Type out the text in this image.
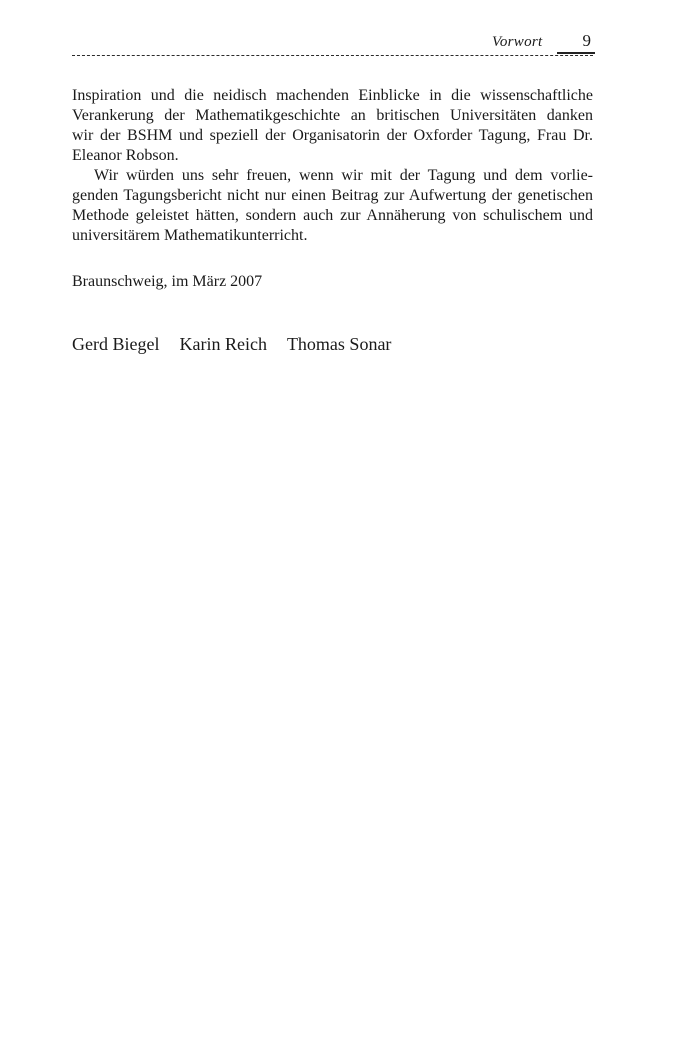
Vorwort	9
Inspiration und die neidisch machenden Einblicke in die wissenschaftliche
Verankerung der Mathematikgeschichte an britischen Universitäten danken
wir der BSHM und speziell der Organisatorin der Oxforder Tagung, Frau Dr.
Eleanor Robson.
Wir würden uns sehr freuen, wenn wir mit der Tagung und dem vorlie-
genden Tagungsbericht nicht nur einen Beitrag zur Aufwertung der genetischen
Methode geleistet hätten, sondern auch zur Annäherung von schulischem und
universitärem Mathematikunterricht.
Braunschweig, im März 2007
Gerd Biegel Karin Reich Thomas Sonar
